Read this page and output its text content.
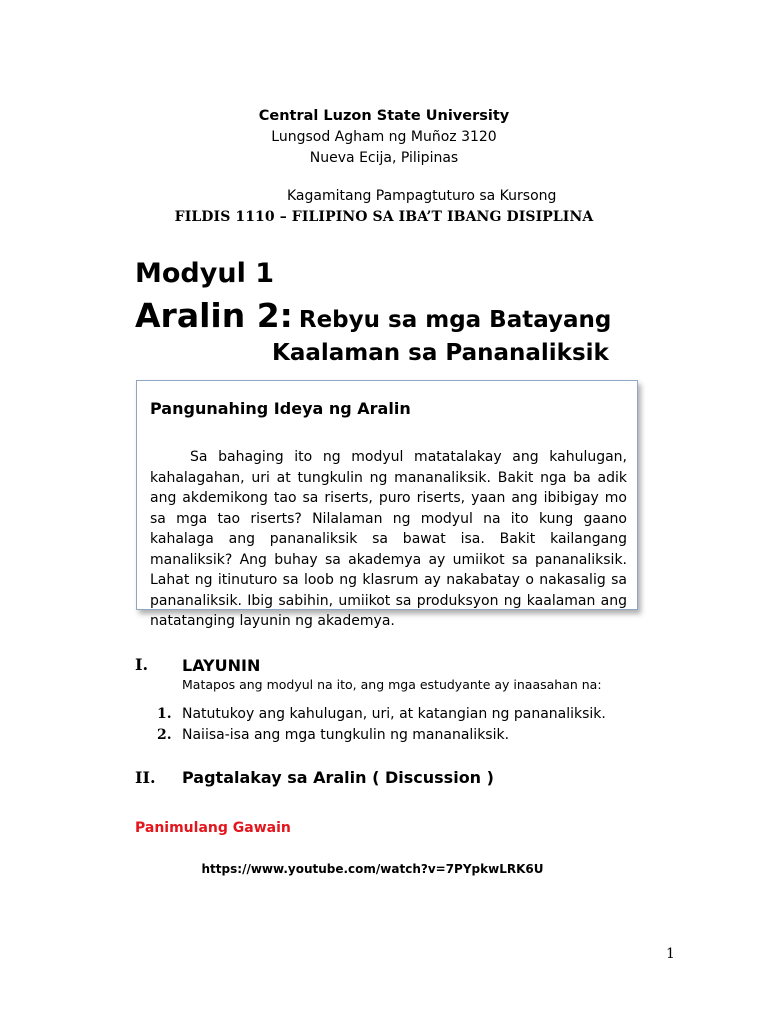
Central Luzon State University
Lungsod Agham ng Muñoz 3120
Nueva Ecija, Pilipinas
Kagamitang Pampagtuturo sa Kursong
FILDIS 1110 – FILIPINO SA IBA’T IBANG DISIPLINA
Modyul 1
Aralin 2: Rebyu sa mga Batayang
Kaalaman sa Pananaliksik
Pangunahing Ideya ng Aralin

Sa bahaging ito ng modyul matatalakay ang kahulugan, kahalagahan, uri at tungkulin ng mananaliksik. Bakit nga ba adik ang akdemikong tao sa riserts, puro riserts, yaan ang ibibigay mo sa mga tao riserts? Nilalaman ng modyul na ito kung gaano kahalaga ang pananaliksik sa bawat isa. Bakit kailangang manaliksik? Ang buhay sa akademya ay umiikot sa pananaliksik. Lahat ng itinuturo sa loob ng klasrum ay nakabatay o nakasalig sa pananaliksik. Ibig sabihin, umiikot sa produksyon ng kaalaman ang natatanging layunin ng akademya.

I. LAYUNIN
Matapos ang modyul na ito, ang mga estudyante ay inaasahan na:
1. Natutukoy ang kahulugan, uri, at katangian ng pananaliksik.
2. Naiisa-isa ang mga tungkulin ng mananaliksik.
II. Pagtalakay sa Aralin ( Discussion )
Panimulang Gawain
https://www.youtube.com/watch?v=7PYpkwLRK6U
1
